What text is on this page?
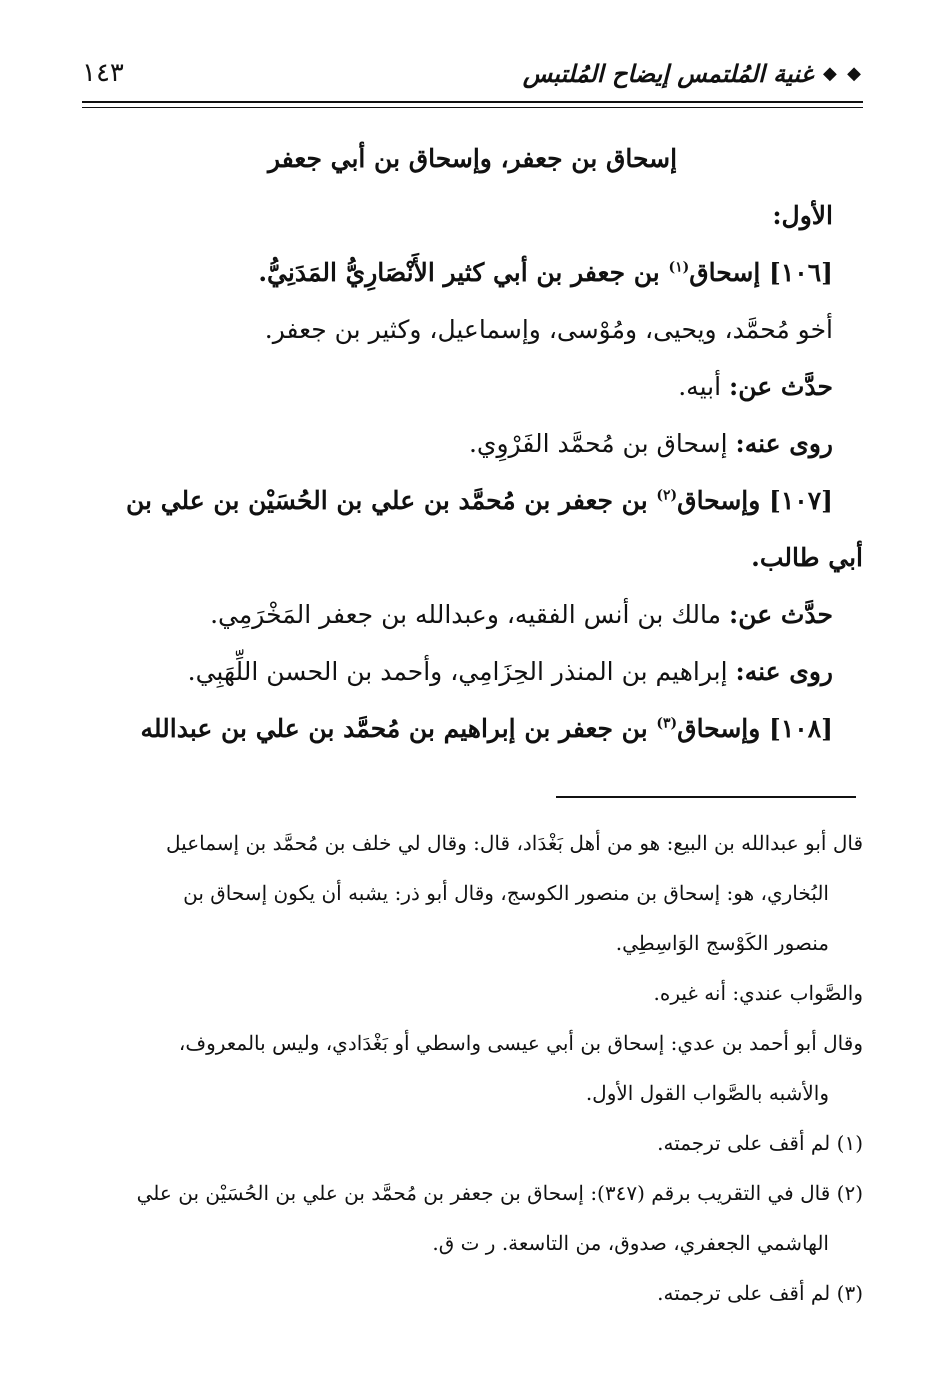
◆ ◆
غنية المُلتمس إيضاح المُلتبس
١٤٣
إسحاق بن جعفر، وإسحاق بن أبي جعفر
الأول:
[١٠٦] إسحاق$^{(١)}$ بن جعفر بن أبي كثير الأَنْصَارِيُّ المَدَنِيُّ.
أخو مُحمَّد، ويحيى، ومُوْسى، وإسماعيل، وكثير بن جعفر.
حدَّث عن: أبيه.
روى عنه: إسحاق بن مُحمَّد الفَرْوِي.
[١٠٧] وإسحاق$^{(٢)}$ بن جعفر بن مُحمَّد بن علي بن الحُسَيْن بن علي بن
أبي طالب.
حدَّث عن: مالك بن أنس الفقيه، وعبدالله بن جعفر المَخْرَمِي.
روى عنه: إبراهيم بن المنذر الحِزَامِي، وأحمد بن الحسن اللِّهَبِي.
[١٠٨] وإسحاق$^{(٣)}$ بن جعفر بن إبراهيم بن مُحمَّد بن علي بن عبدالله
قال أبو عبدالله بن البيع: هو من أهل بَغْدَاد، قال: وقال لي خلف بن مُحمَّد بن إسماعيل
البُخاري، هو: إسحاق بن منصور الكوسج، وقال أبو ذر: يشبه أن يكون إسحاق بن
منصور الكَوْسج الوَاسِطِي.
والصَّواب عندي: أنه غيره.
وقال أبو أحمد بن عدي: إسحاق بن أبي عيسى واسطي أو بَغْدَادي، وليس بالمعروف،
والأشبه بالصَّواب القول الأول.
(١) لم أقف على ترجمته.
(٢) قال في التقريب برقم (٣٤٧): إسحاق بن جعفر بن مُحمَّد بن علي بن الحُسَيْن بن علي
الهاشمي الجعفري، صدوق، من التاسعة. ر ت ق.
(٣) لم أقف على ترجمته.
